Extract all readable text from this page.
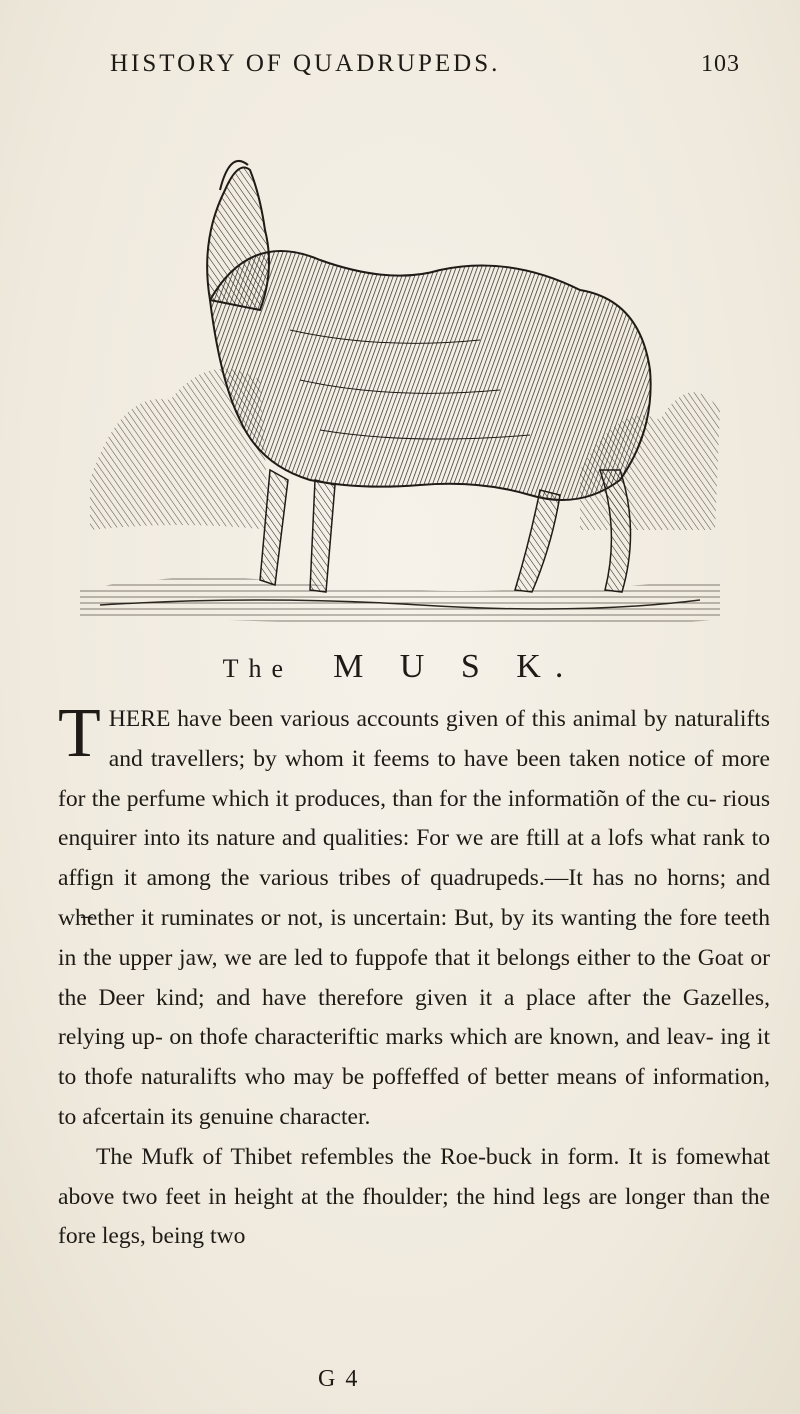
HISTORY OF QUADRUPEDS.	103
The M U S K.

THERE have been various accounts given of this animal by naturalifts and travellers; by whom it feems to have been taken notice of more for the perfume which it produces, than for the informatiõn of the cu- rious enquirer into its nature and qualities: For we are ftill at a lofs what rank to affign it among the various tribes of quadrupeds.—It has no horns; and wh̶ether it ruminates or not, is uncertain: But, by its wanting the fore teeth in the upper jaw, we are led to fuppofe that it belongs either to the Goat or the Deer kind; and have therefore given it a place after the Gazelles, relying up- on thofe characteriftic marks which are known, and leav- ing it to thofe naturalifts who may be poffeffed of better means of information, to afcertain its genuine character.

The Mufk of Thibet refembles the Roe-buck in form. It is fomewhat above two feet in height at the fhoulder; the hind legs are longer than the fore legs, being two

G 4
